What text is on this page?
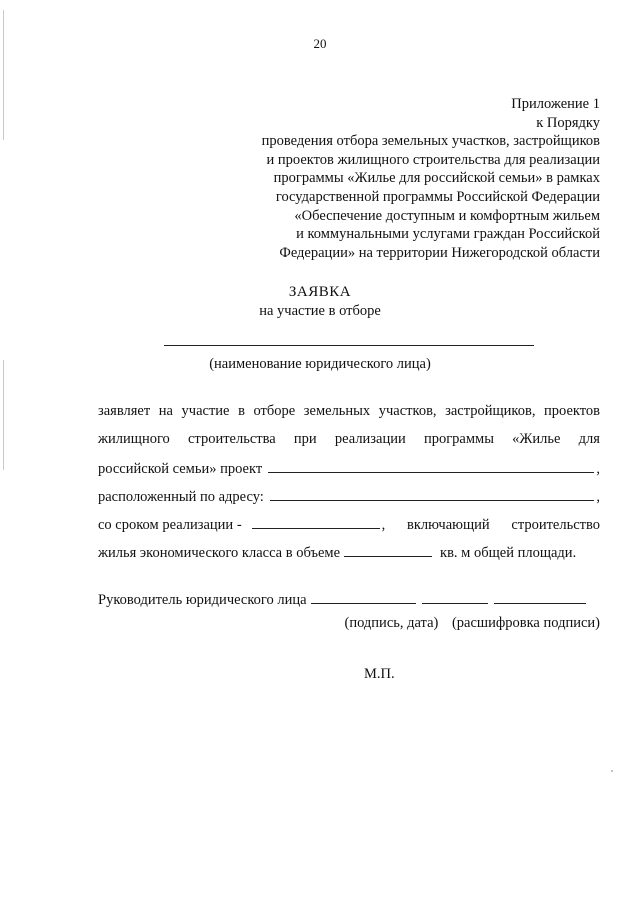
20
Приложение 1
к Порядку
проведения отбора земельных участков, застройщиков
и проектов жилищного строительства для реализации
программы «Жилье для российской семьи» в рамках
государственной программы Российской Федерации
«Обеспечение доступным и комфортным жильем
и коммунальными услугами граждан Российской
Федерации» на территории Нижегородской области
ЗАЯВКА
на участие в отборе
(наименование юридического лица)
заявляет на участие в отборе земельных участков, застройщиков, проектов
жилищного строительства при реализации программы «Жилье для
российской семьи» проект	,
расположенный по адресу:	,
со сроком реализации -	, включающий строительство
жилья экономического класса в объеме	кв. м общей площади.
Руководитель юридического лица
(подпись, дата) (расшифровка подписи)
М.П.
